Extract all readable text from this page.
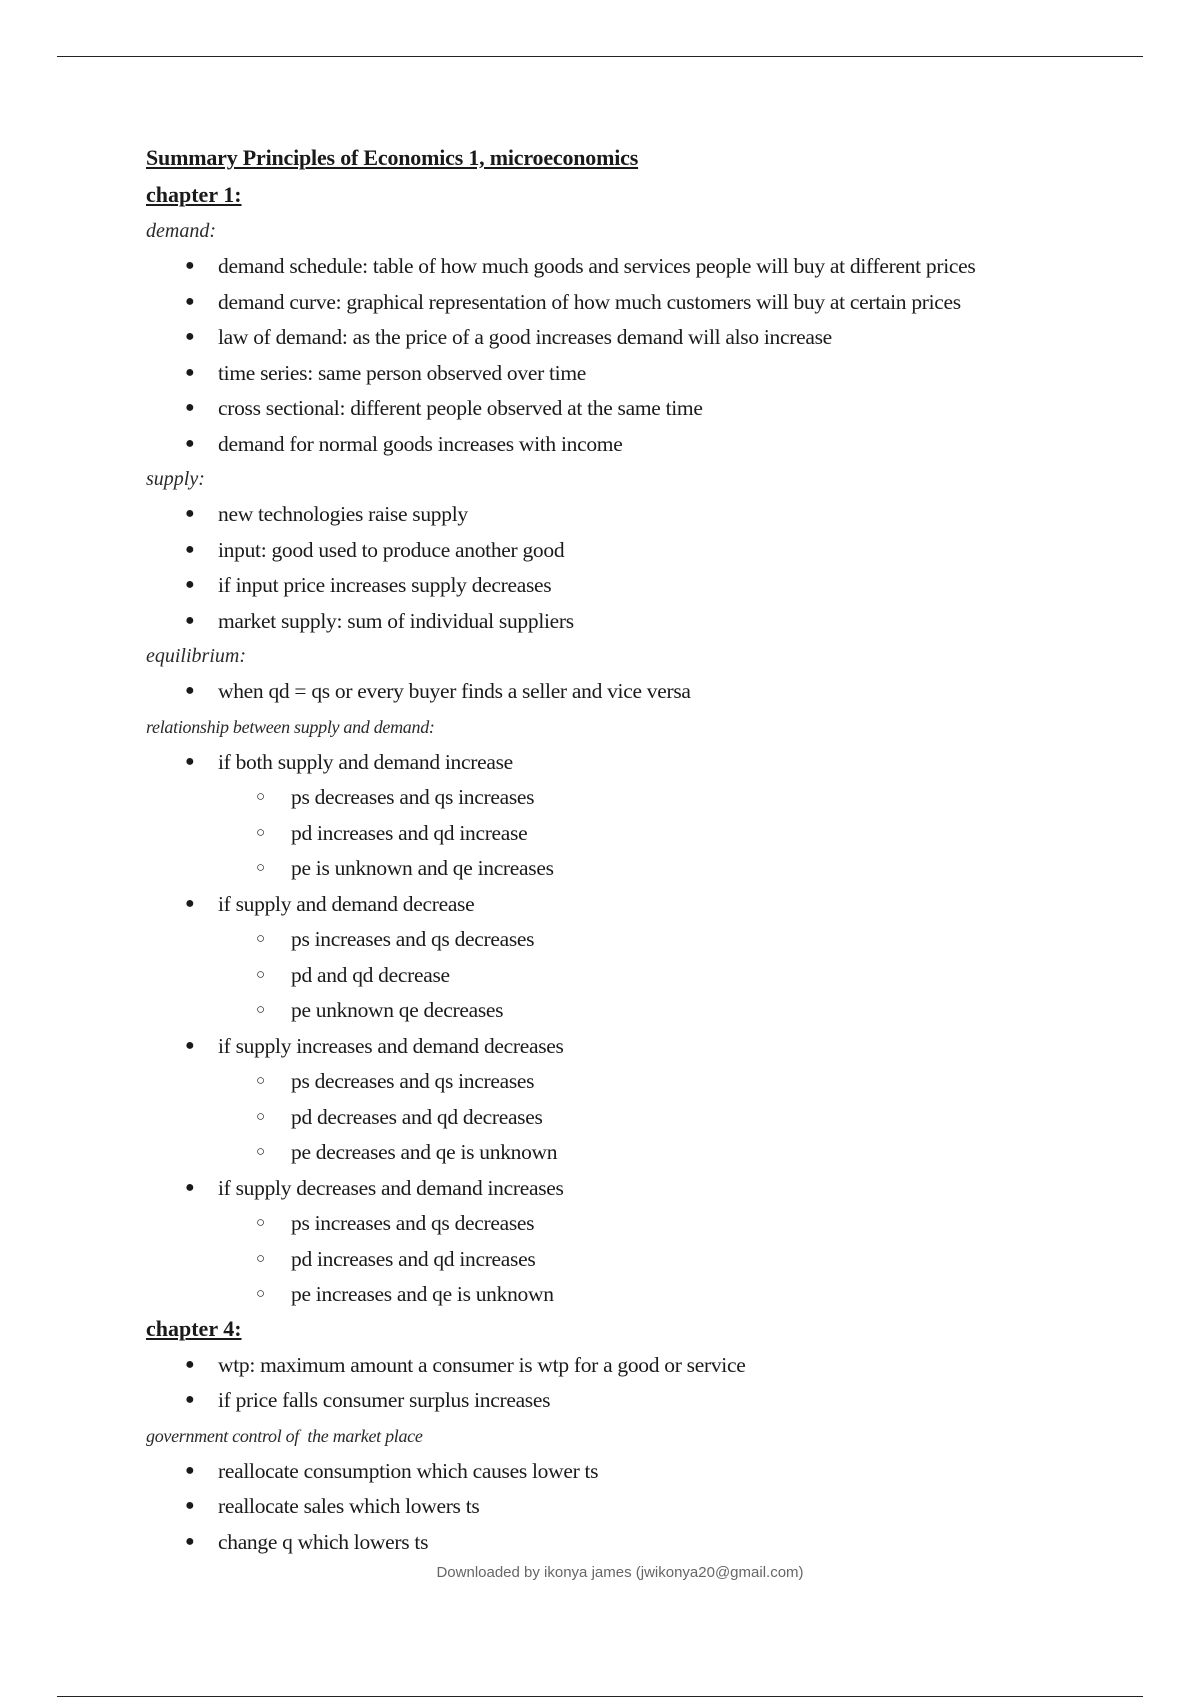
Summary Principles of Economics 1, microeconomics
chapter 1:
demand:
● demand schedule: table of how much goods and services people will buy at different prices
● demand curve: graphical representation of how much customers will buy at certain prices
● law of demand: as the price of a good increases demand will also increase
● time series: same person observed over time
● cross sectional: different people observed at the same time
● demand for normal goods increases with income
supply:
● new technologies raise supply
● input: good used to produce another good
● if input price increases supply decreases
● market supply: sum of individual suppliers
equilibrium:
● when qd = qs or every buyer finds a seller and vice versa
relationship between supply and demand:
● if both supply and demand increase
○ ps decreases and qs increases
○ pd increases and qd increase
○ pe is unknown and qe increases
● if supply and demand decrease
○ ps increases and qs decreases
○ pd and qd decrease
○ pe unknown qe decreases
● if supply increases and demand decreases
○ ps decreases and qs increases
○ pd decreases and qd decreases
○ pe decreases and qe is unknown
● if supply decreases and demand increases
○ ps increases and qs decreases
○ pd increases and qd increases
○ pe increases and qe is unknown
chapter 4:
● wtp: maximum amount a consumer is wtp for a good or service
● if price falls consumer surplus increases
government control of  the market place
● reallocate consumption which causes lower ts
● reallocate sales which lowers ts
● change q which lowers ts
Downloaded by ikonya james (jwikonya20@gmail.com)
